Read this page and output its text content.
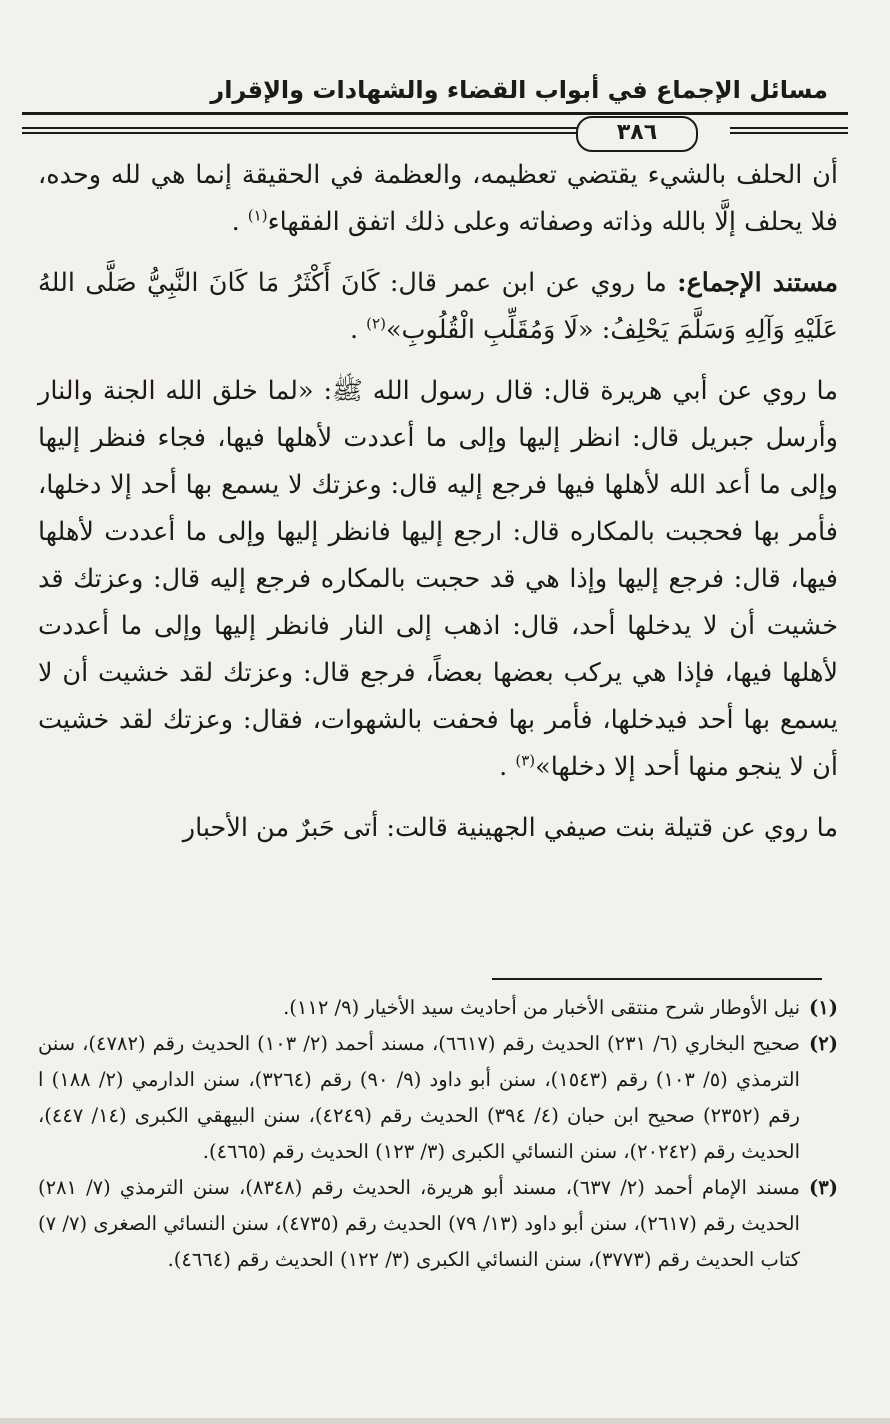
مسائل الإجماع في أبواب القضاء والشهادات والإقرار
٣٨٦

أن الحلف بالشيء يقتضي تعظيمه، والعظمة في الحقيقة إنما هي لله وحده، فلا يحلف إلَّا بالله وذاته وصفاته وعلى ذلك اتفق الفقهاء$^{(١)}$ .

مستند الإجماع: ما روي عن ابن عمر قال: كَانَ أَكْثَرُ مَا كَانَ النَّبِيُّ صَلَّى اللهُ عَلَيْهِ وَآلِهِ وَسَلَّمَ يَحْلِفُ: «لَا وَمُقَلِّبِ الْقُلُوبِ»$^{(٢)}$ .

ما روي عن أبي هريرة قال: قال رسول الله ﷺ: «لما خلق الله الجنة والنار وأرسل جبريل قال: انظر إليها وإلى ما أعددت لأهلها فيها، فجاء فنظر إليها وإلى ما أعد الله لأهلها فيها فرجع إليه قال: وعزتك لا يسمع بها أحد إلا دخلها، فأمر بها فحجبت بالمكاره قال: ارجع إليها فانظر إليها وإلى ما أعددت لأهلها فيها، قال: فرجع إليها وإذا هي قد حجبت بالمكاره فرجع إليه قال: وعزتك قد خشيت أن لا يدخلها أحد، قال: اذهب إلى النار فانظر إليها وإلى ما أعددت لأهلها فيها، فإذا هي يركب بعضها بعضاً، فرجع قال: وعزتك لقد خشيت أن لا يسمع بها أحد فيدخلها، فأمر بها فحفت بالشهوات، فقال: وعزتك لقد خشيت أن لا ينجو منها أحد إلا دخلها»$^{(٣)}$ .

ما روي عن قتيلة بنت صيفي الجهينية قالت: أتى حَبرٌ من الأحبار

(١)
نيل الأوطار شرح منتقى الأخبار من أحاديث سيد الأخيار (٩/ ١١٢).
(٢)
صحيح البخاري (٦/ ٢٣١) الحديث رقم (٦٦١٧)، مسند أحمد (٢/ ١٠٣) الحديث رقم (٤٧٨٢)، سنن الترمذي (٥/ ١٠٣) رقم (١٥٤٣)، سنن أبو داود (٩/ ٩٠) رقم (٣٢٦٤)، سنن الدارمي (٢/ ١٨٨) ا رقم (٢٣٥٢) صحيح ابن حبان (٤/ ٣٩٤) الحديث رقم (٤٢٤٩)، سنن البيهقي الكبرى (١٤/ ٤٤٧)، الحديث رقم (٢٠٢٤٢)، سنن النسائي الكبرى (٣/ ١٢٣) الحديث رقم (٤٦٦٥).
(٣)
مسند الإمام أحمد (٢/ ٦٣٧)، مسند أبو هريرة، الحديث رقم (٨٣٤٨)، سنن الترمذي (٧/ ٢٨١) الحديث رقم (٢٦١٧)، سنن أبو داود (١٣/ ٧٩) الحديث رقم (٤٧٣٥)، سنن النسائي الصغرى (٧/ ٧) كتاب الحديث رقم (٣٧٧٣)، سنن النسائي الكبرى (٣/ ١٢٢) الحديث رقم (٤٦٦٤).
